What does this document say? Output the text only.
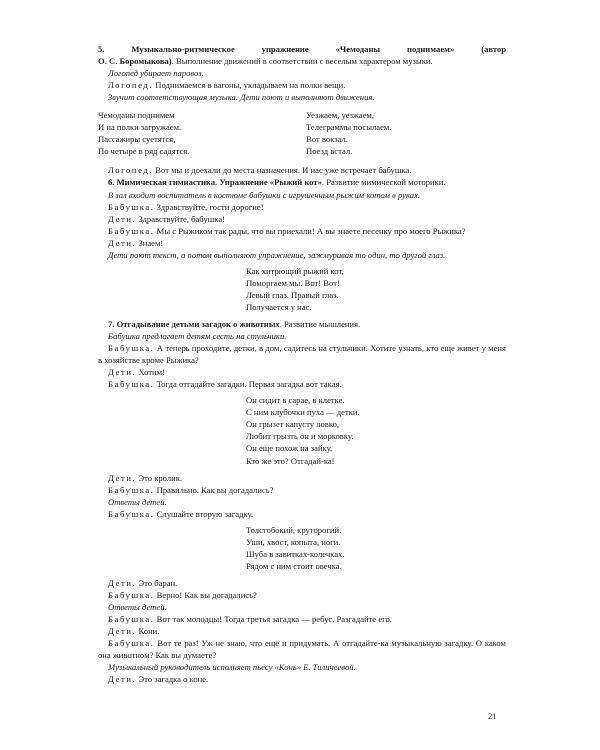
5.	Музыкально-ритмическое	упражнение	«Чемоданы	поднимаем»	(автор

О. С. Боромыкова). Выполнение движений в соответствии с веселым характером музыки.

Логопед убирает паровоз.

Логопед. Поднимаемся в вагоны, укладываем на полки вещи.

Звучит соответствующая музыка. Дети поют и выполняют движения.

Чемоданы поднимем
И на полки загружаем.
Пассажиры суетятся,
По четыре в ряд садятся.
Уезжаем, уезжаем,
Телеграммы посылаем.
Вот вокзал.
Поезд встал.

Логопед. Вот мы и доехали до места назначения. И нас уже встречает бабушка.

6. Мимическая гимнастика. Упражнение «Рыжий кот». Развитие мимической моторики.

В зал входит воспитатель в костюме бабушки с игрушечным рыжим котом в руках.

Бабушка. Здравствуйте, гости дорогие!

Дети. Здравствуйте, бабушка!

Бабушка. Мы с Рыжиком так рады, что вы приехали! А вы знаете песенку про моего Рыжика?

Дети. Знаем!

Дети поют текст, а потом выполняют упражнение, зажмуривая то один, то другой глаз.

Как хитрющий рыжий кот,
Поморгаем мы. Вот! Вот!
Левый глаз. Правый глаз.
Получается у нас.

7. Отгадывание детьми загадок о животных. Развитие мышления.

Бабушка предлагает детям сесть на стульчики.

Бабушка. А теперь проходите, детки, в дом, садитесь на стульчики. Хотите узнать, кто еще живет у меня в хозяйстве кроме Рыжика?

Дети. Хотим!

Бабушка. Тогда отгадайте загадки. Первая загадка вот такая.

Он сидит в сарае, в клетке.
С ним клубочки пуха — детки.
Он грызет капусту ловко,
Любит грызть он и морковку.
Он еще похож на зайку.
Кто же это? Отгадай-ка!

Дети. Это кролик.

Бабушка. Правильно. Как вы догадались?

Ответы детей.

Бабушка. Слушайте вторую загадку.

Толстобокий, круторогий.
Уши, хвост, копыта, ноги.
Шуба в завитках-колечках.
Рядом с ним стоит овечка.

Дети. Это баран.

Бабушка. Верно! Как вы догадались?

Ответы детей.

Бабушка. Вот так молодцы! Тогда третья загадка — ребус. Разгадайте его.

Дети. Кони.

Бабушка. Вот те раз! Уж не знаю, что еще и придумать. А отгадайте-ка музыкальную загадку. О каком она животном? Как вы думаете?

Музыкальный руководитель исполняет пьесу «Конь» Е. Тиличеевой.

Дети. Это загадка о коне.

21
